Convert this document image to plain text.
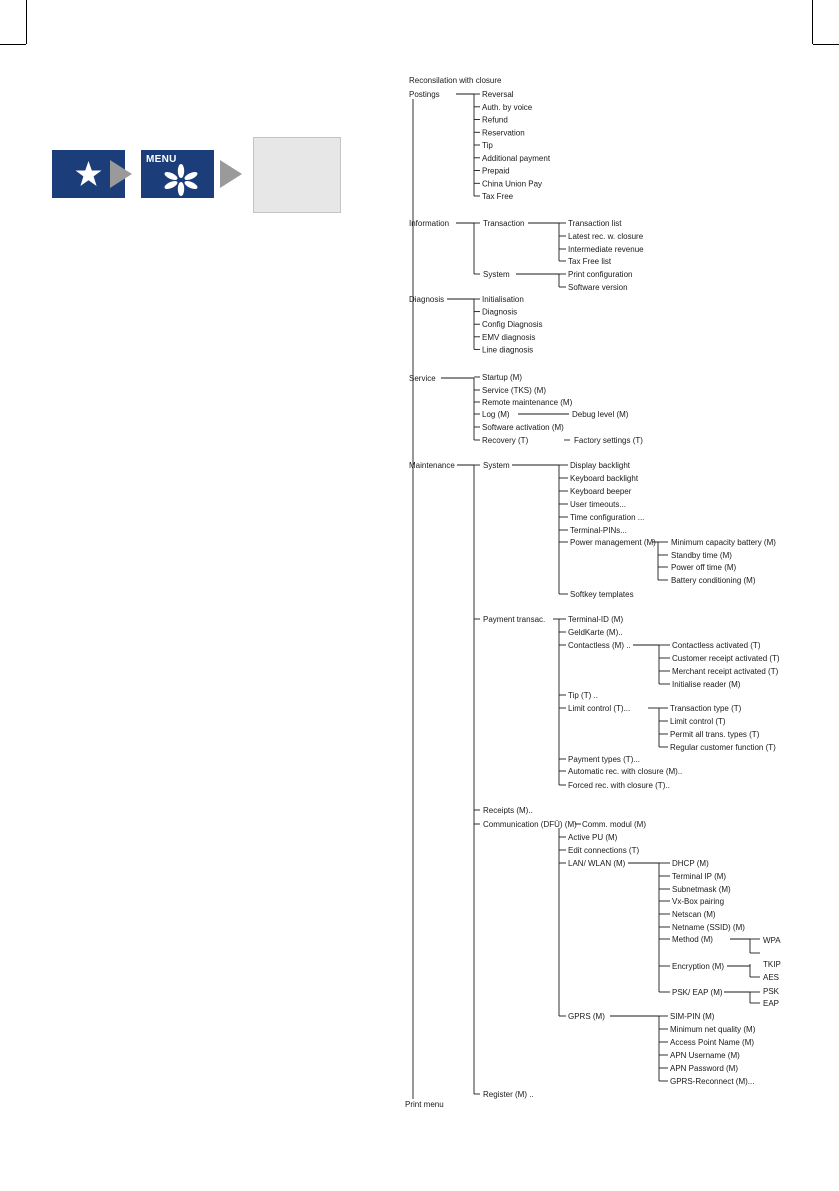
MENU
Reconsilation with closure
Postings	Reversal
Auth. by voice
Refund
Reservation
Tip
Additional payment
Prepaid
China Union Pay
Tax Free
Information	Transaction	Transaction list
Latest rec. w. closure
Intermediate revenue
Tax Free list
System	Print configuration
Software version
Diagnosis	Initialisation
Diagnosis
Config Diagnosis
EMV diagnosis
Line diagnosis
Service	Startup (M)
Service (TKS) (M)
Remote maintenance (M)
Software activation (M)
Log (M)
Recovery (T)
Debug level (M)
Factory settings (T)
Maintenance	System
Payment transac.
Receipts (M)..
Communication (DFÜ) (M)
Register (M) ..
Display backlight
Keyboard backlight
Keyboard beeper
User timeouts...
Time configuration ...
Terminal-PINs...
Power management (M)
Softkey templates
Minimum capacity battery (M)
Standby time (M)
Power off time (M)
Battery conditioning (M)
Terminal-ID (M)
GeldKarte (M)..
Contactless (M) ..
Tip (T) ..
Limit control (T)...
Payment types (T)...
Automatic rec. with closure (M)..
Forced rec. with closure (T)..
Contactless activated (T)
Customer receipt activated (T)
Merchant receipt activated (T)
Initialise reader (M)
Transaction type (T)
Limit control (T)
Permit all trans. types (T)
Regular customer function (T)
Comm. modul (M)
Active PU (M)
Edit connections (T)
LAN/ WLAN (M)
GPRS (M)
DHCP (M)
Terminal IP (M)
Subnetmask (M)
Vx-Box pairing
Netscan (M)
Netname (SSID) (M)
Method (M)
Encryption (M)
PSK/ EAP (M)
WPA
TKIP
AES
PSK
EAP
SIM-PIN (M)
Minimum net quality (M)
Access Point Name (M)
APN Username (M)
APN Password (M)
GPRS-Reconnect (M)...
Print menu
